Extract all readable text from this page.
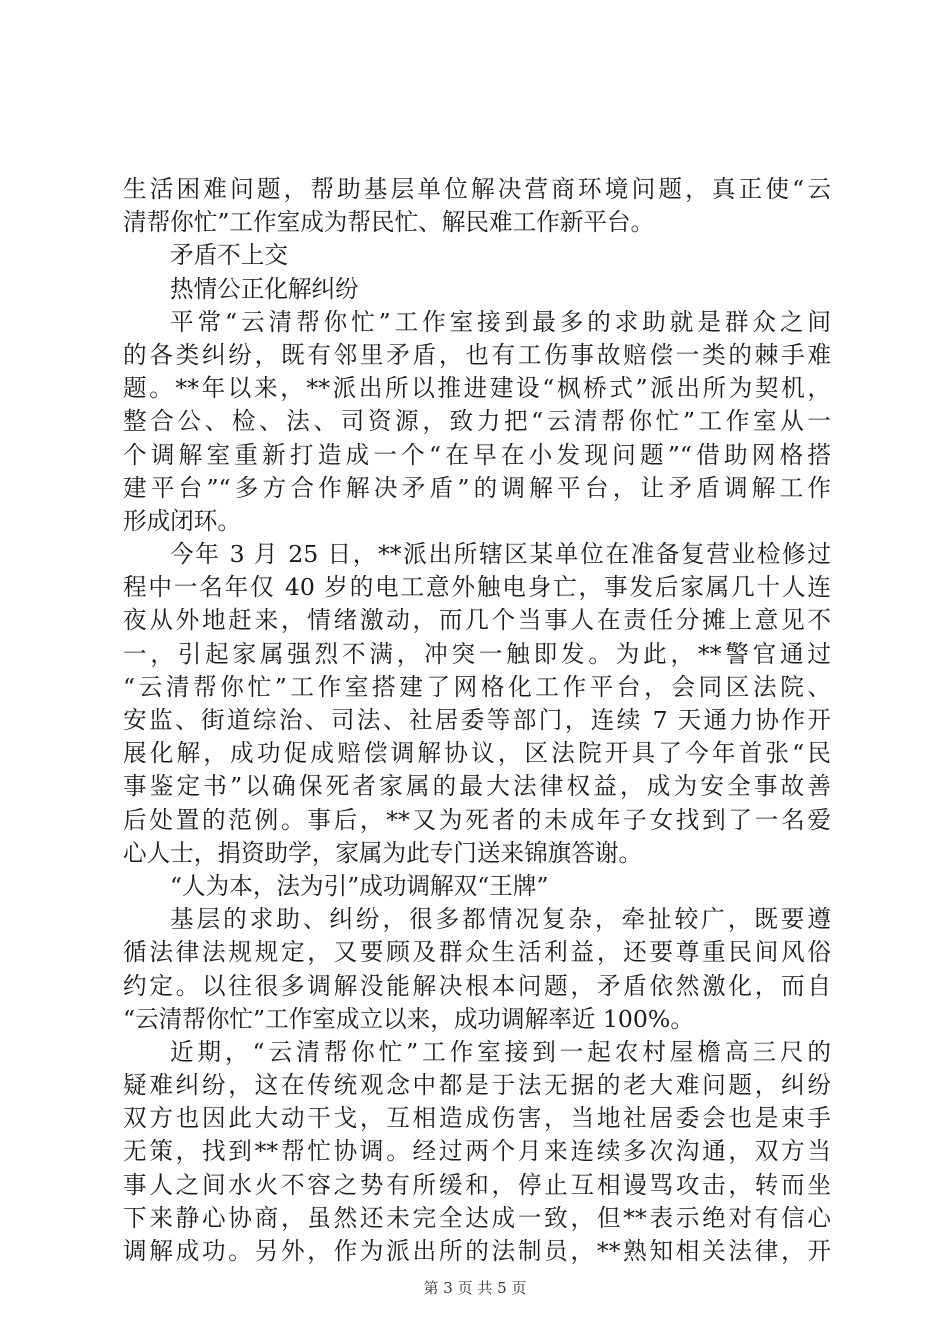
生活困难问题，帮助基层单位解决营商环境问题，真正使“云
清帮你忙”工作室成为帮民忙、解民难工作新平台。
矛盾不上交
热情公正化解纠纷
平常“云清帮你忙”工作室接到最多的求助就是群众之间
的各类纠纷，既有邻里矛盾，也有工伤事故赔偿一类的棘手难
题。**年以来，**派出所以推进建设“枫桥式”派出所为契机，
整合公、检、法、司资源，致力把“云清帮你忙”工作室从一
个调解室重新打造成一个“在早在小发现问题”“借助网格搭
建平台”“多方合作解决矛盾”的调解平台，让矛盾调解工作
形成闭环。
今年 3 月 25 日，**派出所辖区某单位在准备复营业检修过
程中一名年仅 40 岁的电工意外触电身亡，事发后家属几十人连
夜从外地赶来，情绪激动，而几个当事人在责任分摊上意见不
一，引起家属强烈不满，冲突一触即发。为此，**警官通过
“云清帮你忙”工作室搭建了网格化工作平台，会同区法院、
安监、街道综治、司法、社居委等部门，连续 7 天通力协作开
展化解，成功促成赔偿调解协议，区法院开具了今年首张“民
事鉴定书”以确保死者家属的最大法律权益，成为安全事故善
后处置的范例。事后，**又为死者的未成年子女找到了一名爱
心人士，捐资助学，家属为此专门送来锦旗答谢。
“人为本，法为引”成功调解双“王牌”
基层的求助、纠纷，很多都情况复杂，牵扯较广，既要遵
循法律法规规定，又要顾及群众生活利益，还要尊重民间风俗
约定。以往很多调解没能解决根本问题，矛盾依然激化，而自
“云清帮你忙”工作室成立以来，成功调解率近 100%。
近期，“云清帮你忙”工作室接到一起农村屋檐高三尺的
疑难纠纷，这在传统观念中都是于法无据的老大难问题，纠纷
双方也因此大动干戈，互相造成伤害，当地社居委会也是束手
无策，找到**帮忙协调。经过两个月来连续多次沟通，双方当
事人之间水火不容之势有所缓和，停止互相谩骂攻击，转而坐
下来静心协商，虽然还未完全达成一致，但**表示绝对有信心
调解成功。另外，作为派出所的法制员，**熟知相关法律，开
第 3 页 共 5 页
